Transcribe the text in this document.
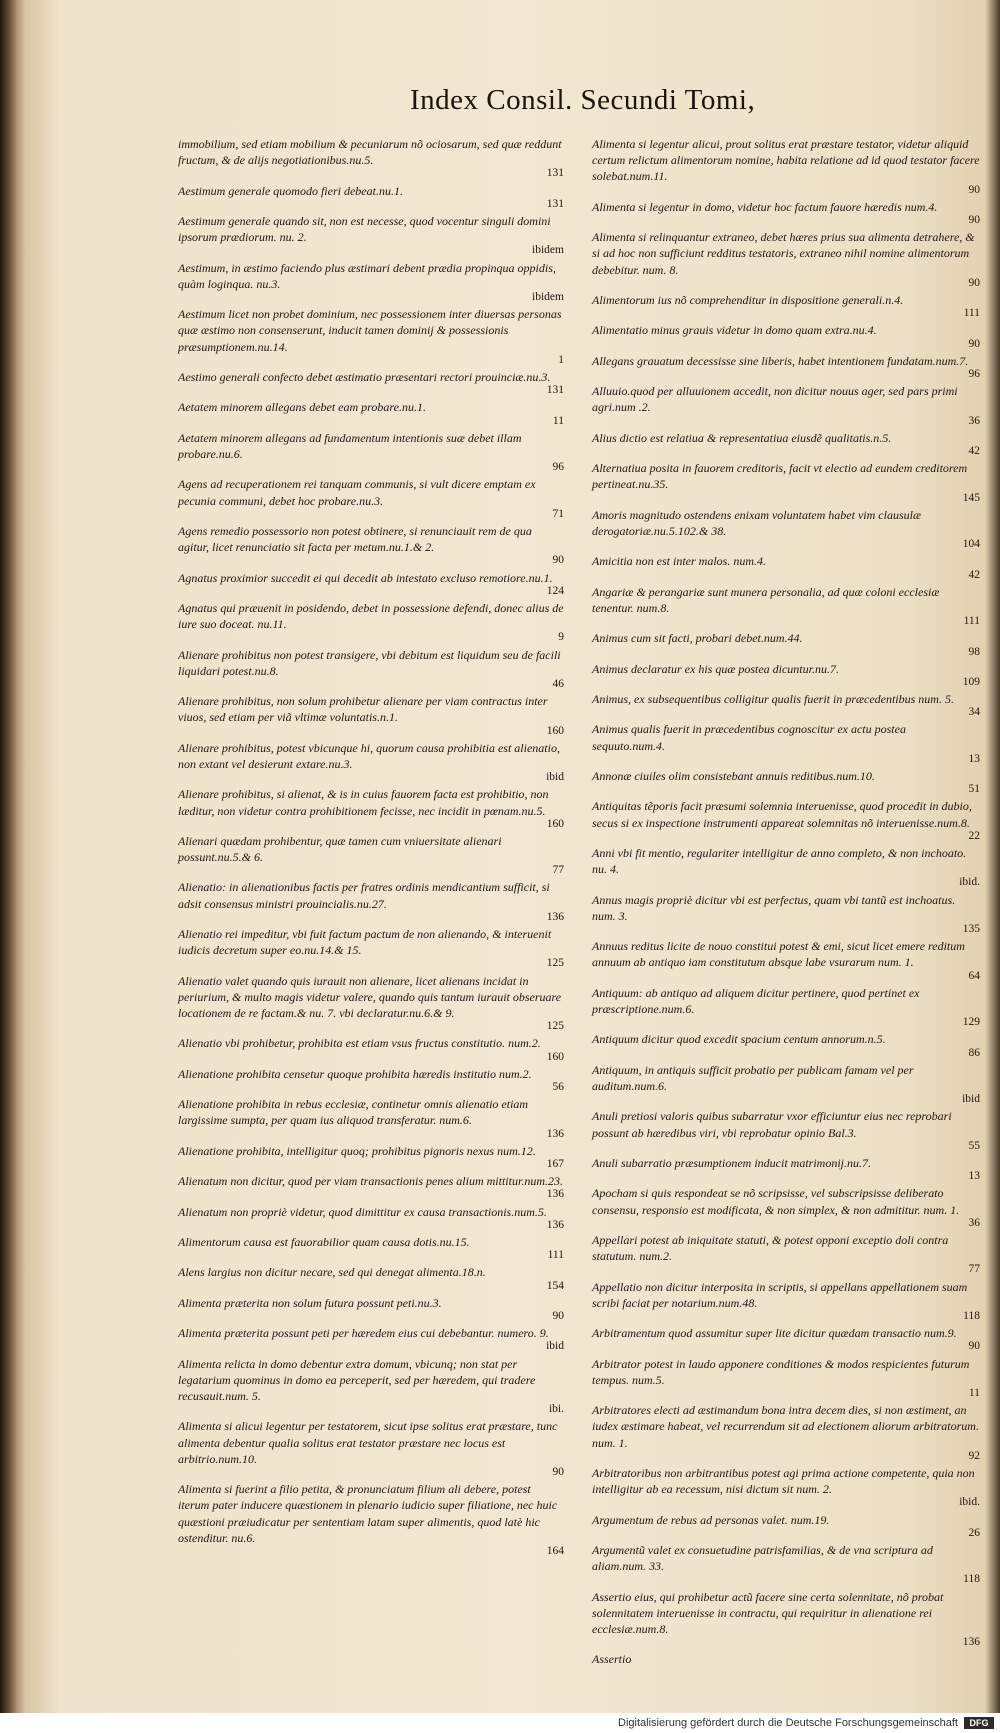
Index Consil. Secundi Tomi,
immobilium, sed etiam mobilium & pecuniarum nõ ociosarum, sed quæ reddunt fructum, & de alijs negotiationibus.nu.5.
131
Aestimum generale quomodo fieri debeat.nu.1.
131
Aestimum generale quando sit, non est necesse, quod vocentur singuli domini ipsorum prædiorum. nu. 2.
ibidem
Aestimum, in æstimo faciendo plus æstimari debent prædia propinqua oppidis, quàm loginqua. nu.3.
ibidem
Aestimum licet non probet dominium, nec possessionem inter diuersas personas quæ æstimo non consenserunt, inducit tamen dominij & possessionis præsumptionem.nu.14.
1
Aestimo generali confecto debet æstimatio præsentari rectori prouinciæ.nu.3.
131
Aetatem minorem allegans debet eam probare.nu.1.
11
Aetatem minorem allegans ad fundamentum intentionis suæ debet illam probare.nu.6.
96
Agens ad recuperationem rei tanquam communis, si vult dicere emptam ex pecunia communi, debet hoc probare.nu.3.
71
Agens remedio possessorio non potest obtinere, si renunciauit rem de qua agitur, licet renunciatio sit facta per metum.nu.1.& 2.
90
Agnatus proximior succedit ei qui decedit ab intestato excluso remotiore.nu.1.
124
Agnatus qui præuenit in posidendo, debet in possessione defendi, donec alius de iure suo doceat. nu.11.
9
Alienare prohibitus non potest transigere, vbi debitum est liquidum seu de facili liquidari potest.nu.8.
46
Alienare prohibitus, non solum prohibetur alienare per viam contractus inter viuos, sed etiam per viã vltimæ voluntatis.n.1.
160
Alienare prohibitus, potest vbicunque hi, quorum causa prohibitia est alienatio, non extant vel desierunt extare.nu.3.
ibid
Alienare prohibitus, si alienat, & is in cuius fauorem facta est prohibitio, non læditur, non videtur contra prohibitionem fecisse, nec incidit in pœnam.nu.5.
160
Alienari quædam prohibentur, quæ tamen cum vniuersitate alienari possunt.nu.5.& 6.
77
Alienatio: in alienationibus factis per fratres ordinis mendicantium sufficit, si adsit consensus ministri prouincialis.nu.27.
136
Alienatio rei impeditur, vbi fuit factum pactum de non alienando, & interuenit iudicis decretum super eo.nu.14.& 15.
125
Alienatio valet quando quis iurauit non alienare, licet alienans incidat in periurium, & multo magis videtur valere, quando quis tantum iurauit obseruare locationem de re factam.& nu. 7. vbi declaratur.nu.6.& 9.
125
Alienatio vbi prohibetur, prohibita est etiam vsus fructus constitutio. num.2.
160
Alienatione prohibita censetur quoque prohibita hæredis institutio num.2.
56
Alienatione prohibita in rebus ecclesiæ, continetur omnis alienatio etiam largissime sumpta, per quam ius aliquod transferatur. num.6.
136
Alienatione prohibita, intelligitur quoq; prohibitus pignoris nexus num.12.
167
Alienatum non dicitur, quod per viam transactionis penes alium mittitur.num.23.
136
Alienatum non propriè videtur, quod dimittitur ex causa transactionis.num.5.
136
Alimentorum causa est fauorabilior quam causa dotis.nu.15.
111
Alens largius non dicitur necare, sed qui denegat alimenta.18.n.
154
Alimenta præterita non solum futura possunt peti.nu.3.
90
Alimenta præterita possunt peti per hæredem eius cui debebantur. numero. 9.
ibid
Alimenta relicta in domo debentur extra domum, vbicunq; non stat per legatarium quominus in domo ea perceperit, sed per hæredem, qui tradere recusauit.num. 5.
ibi.
Alimenta si alicui legentur per testatorem, sicut ipse solitus erat præstare, tunc alimenta debentur qualia solitus erat testator præstare nec locus est arbitrio.num.10.
90
Alimenta si fuerint a filio petita, & pronunciatum filium ali debere, potest iterum pater inducere quæstionem in plenario iudicio super filiatione, nec huic quæstioni præiudicatur per sententiam latam super alimentis, quod latè hic ostenditur. nu.6.
164
Alimenta si legentur alicui, prout solitus erat præstare testator, videtur aliquid certum relictum alimentorum nomine, habita relatione ad id quod testator facere solebat.num.11.
90
Alimenta si legentur in domo, videtur hoc factum fauore hæredis num.4.
90
Alimenta si relinquantur extraneo, debet hæres prius sua alimenta detrahere, & si ad hoc non sufficiunt redditus testatoris, extraneo nihil nomine alimentorum debebitur. num. 8.
90
Alimentorum ius nõ comprehenditur in dispositione generali.n.4.
111
Alimentatio minus grauis videtur in domo quam extra.nu.4.
90
Allegans grauatum decessisse sine liberis, habet intentionem fundatam.num.7.
96
Alluuio.quod per alluuionem accedit, non dicitur nouus ager, sed pars primi agri.num .2.
36
Alius dictio est relatiua & representatiua eiusdẽ qualitatis.n.5.
42
Alternatiua posita in fauorem creditoris, facit vt electio ad eundem creditorem pertineat.nu.35.
145
Amoris magnitudo ostendens enixam voluntatem habet vim clausulæ derogatoriæ.nu.5.102.& 38.
104
Amicitia non est inter malos. num.4.
42
Angariæ & perangariæ sunt munera personalia, ad quæ coloni ecclesiæ tenentur. num.8.
111
Animus cum sit facti, probari debet.num.44.
98
Animus declaratur ex his quæ postea dicuntur.nu.7.
109
Animus, ex subsequentibus colligitur qualis fuerit in præcedentibus num. 5.
34
Animus qualis fuerit in præcedentibus cognoscitur ex actu postea sequuto.num.4.
13
Annonæ ciuiles olim consistebant annuis reditibus.num.10.
51
Antiquitas tẽporis facit præsumi solemnia interuenisse, quod procedit in dubio, secus si ex inspectione instrumenti appareat solemnitas nõ interuenisse.num.8.
22
Anni vbi fit mentio, regulariter intelligitur de anno completo, & non inchoato. nu. 4.
ibid.
Annus magis propriè dicitur vbi est perfectus, quam vbi tantũ est inchoatus. num. 3.
135
Annuus reditus licite de nouo constitui potest & emi, sicut licet emere reditum annuum ab antiquo iam constitutum absque labe vsurarum num. 1.
64
Antiquum: ab antiquo ad aliquem dicitur pertinere, quod pertinet ex præscriptione.num.6.
129
Antiquum dicitur quod excedit spacium centum annorum.n.5.
86
Antiquum, in antiquis sufficit probatio per publicam famam vel per auditum.num.6.
ibid
Anuli pretiosi valoris quibus subarratur vxor efficiuntur eius nec reprobari possunt ab hæredibus viri, vbi reprobatur opinio Bal.3.
55
Anuli subarratio præsumptionem inducit matrimonij.nu.7.
13
Apocham si quis respondeat se nõ scripsisse, vel subscripsisse deliberato consensu, responsio est modificata, & non simplex, & non admititur. num. 1.
36
Appellari potest ab iniquitate statuti, & potest opponi exceptio doli contra statutum. num.2.
77
Appellatio non dicitur interposita in scriptis, si appellans appellationem suam scribi faciat per notarium.num.48.
118
Arbitramentum quod assumitur super lite dicitur quædam transactio num.9.
90
Arbitrator potest in laudo apponere conditiones & modos respicientes futurum tempus. num.5.
11
Arbitratores electi ad æstimandum bona intra decem dies, si non æstiment, an iudex æstimare habeat, vel recurrendum sit ad electionem aliorum arbitratorum. num. 1.
92
Arbitratoribus non arbitrantibus potest agi prima actione competente, quia non intelligitur ab ea recessum, nisi dictum sit num. 2.
ibid.
Argumentum de rebus ad personas valet. num.19.
26
Argumentũ valet ex consuetudine patrisfamilias, & de vna scriptura ad aliam.num. 33.
118
Assertio eius, qui prohibetur actũ facere sine certa solennitate, nõ probat solennitatem interuenisse in contractu, qui requiritur in alienatione rei ecclesiæ.num.8.
136
Assertio
Digitalisierung gefördert durch die Deutsche Forschungsgemeinschaft	DFG
